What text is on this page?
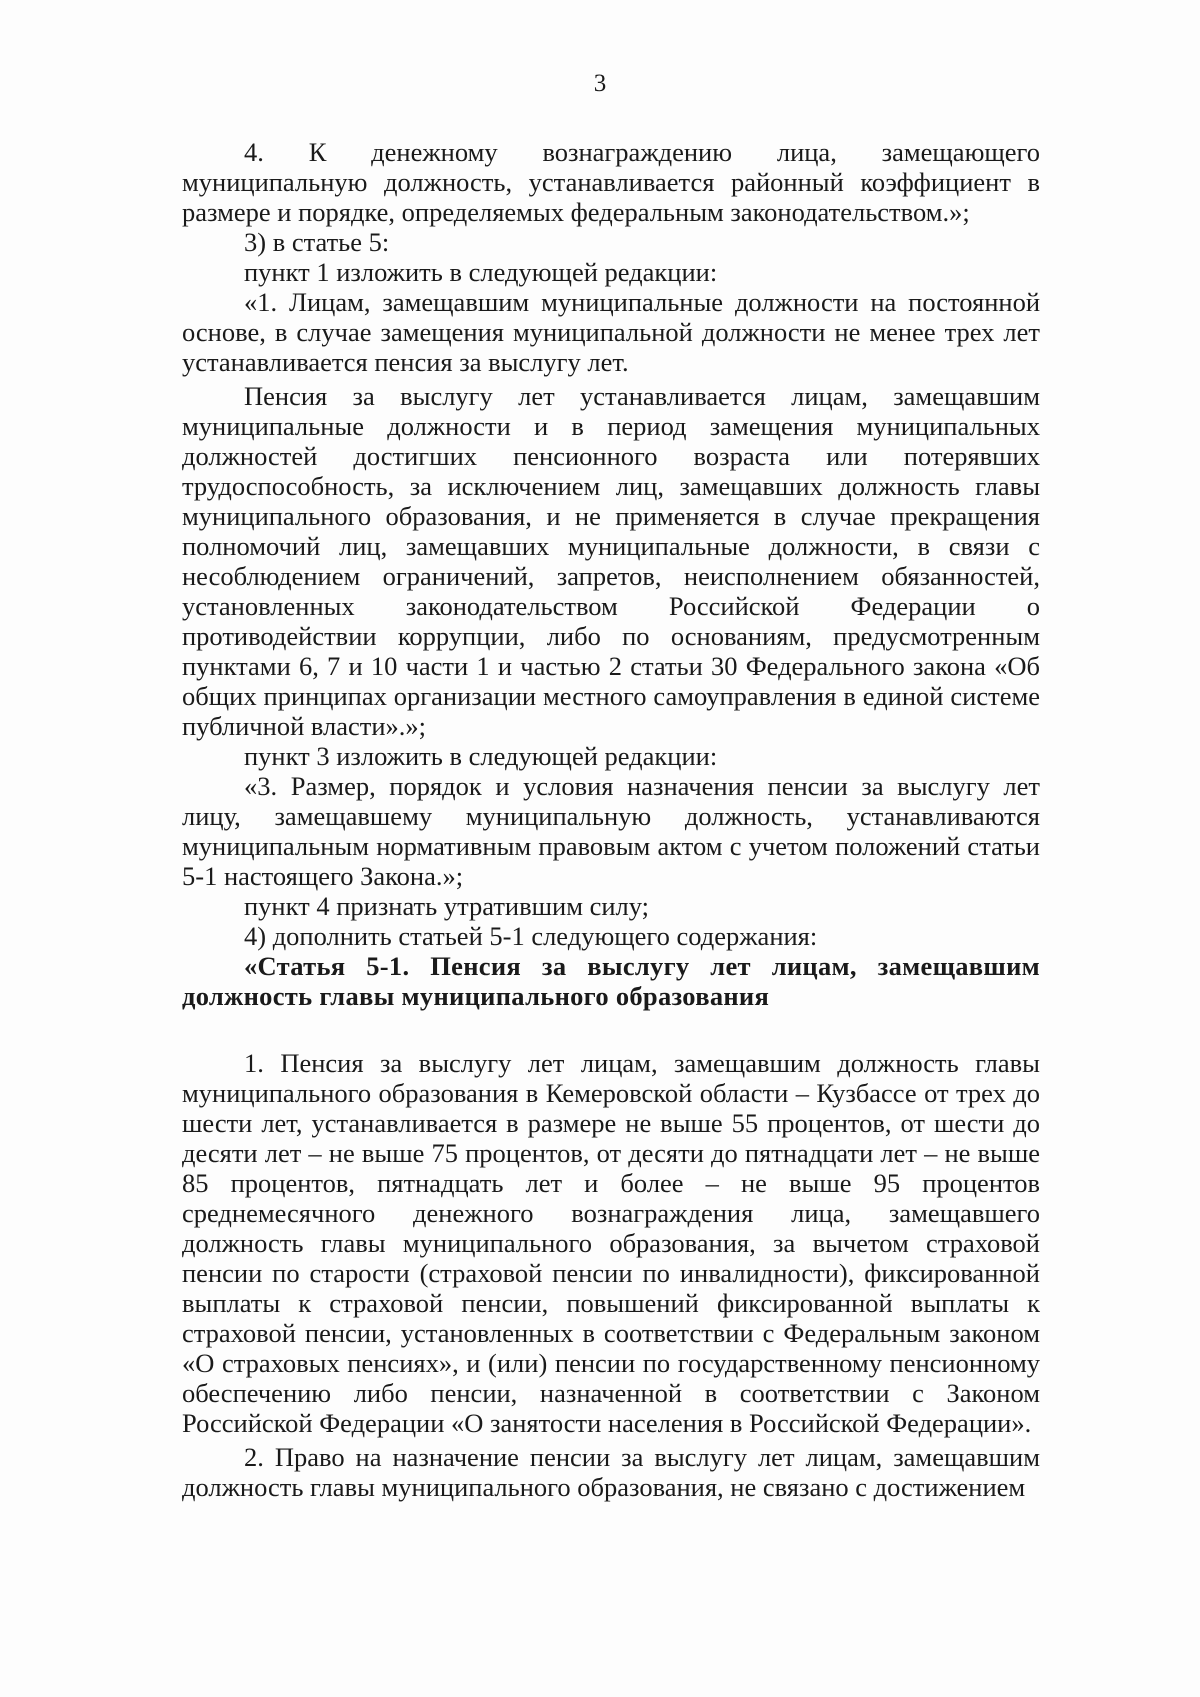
3

4. К денежному вознаграждению лица, замещающего муниципальную должность, устанавливается районный коэффициент в размере и порядке, определяемых федеральным законодательством.»;

3) в статье 5:

пункт 1 изложить в следующей редакции:

«1. Лицам, замещавшим муниципальные должности на постоянной основе, в случае замещения муниципальной должности не менее трех лет устанавливается пенсия за выслугу лет.

Пенсия за выслугу лет устанавливается лицам, замещавшим муниципальные должности и в период замещения муниципальных должностей достигших пенсионного возраста или потерявших трудоспособность, за исключением лиц, замещавших должность главы муниципального образования, и не применяется в случае прекращения полномочий лиц, замещавших муниципальные должности, в связи с несоблюдением ограничений, запретов, неисполнением обязанностей, установленных законодательством Российской Федерации о противодействии коррупции, либо по основаниям, предусмотренным пунктами 6, 7 и 10 части 1 и частью 2 статьи 30 Федерального закона «Об общих принципах организации местного самоуправления в единой системе публичной власти».»;

пункт 3 изложить в следующей редакции:

«3. Размер, порядок и условия назначения пенсии за выслугу лет лицу, замещавшему муниципальную должность, устанавливаются муниципальным нормативным правовым актом с учетом положений статьи 5-1 настоящего Закона.»;

пункт 4 признать утратившим силу;

4) дополнить статьей 5-1 следующего содержания:

«Статья 5-1. Пенсия за выслугу лет лицам, замещавшим должность главы муниципального образования

1. Пенсия за выслугу лет лицам, замещавшим должность главы муниципального образования в Кемеровской области – Кузбассе от трех до шести лет, устанавливается в размере не выше 55 процентов, от шести до десяти лет – не выше 75 процентов, от десяти до пятнадцати лет – не выше 85 процентов, пятнадцать лет и более – не выше 95 процентов среднемесячного денежного вознаграждения лица, замещавшего должность главы муниципального образования, за вычетом страховой пенсии по старости (страховой пенсии по инвалидности), фиксированной выплаты к страховой пенсии, повышений фиксированной выплаты к страховой пенсии, установленных в соответствии с Федеральным законом «О страховых пенсиях», и (или) пенсии по государственному пенсионному обеспечению либо пенсии, назначенной в соответствии с Законом Российской Федерации «О занятости населения в Российской Федерации».

2. Право на назначение пенсии за выслугу лет лицам, замещавшим должность главы муниципального образования, не связано с достижением
